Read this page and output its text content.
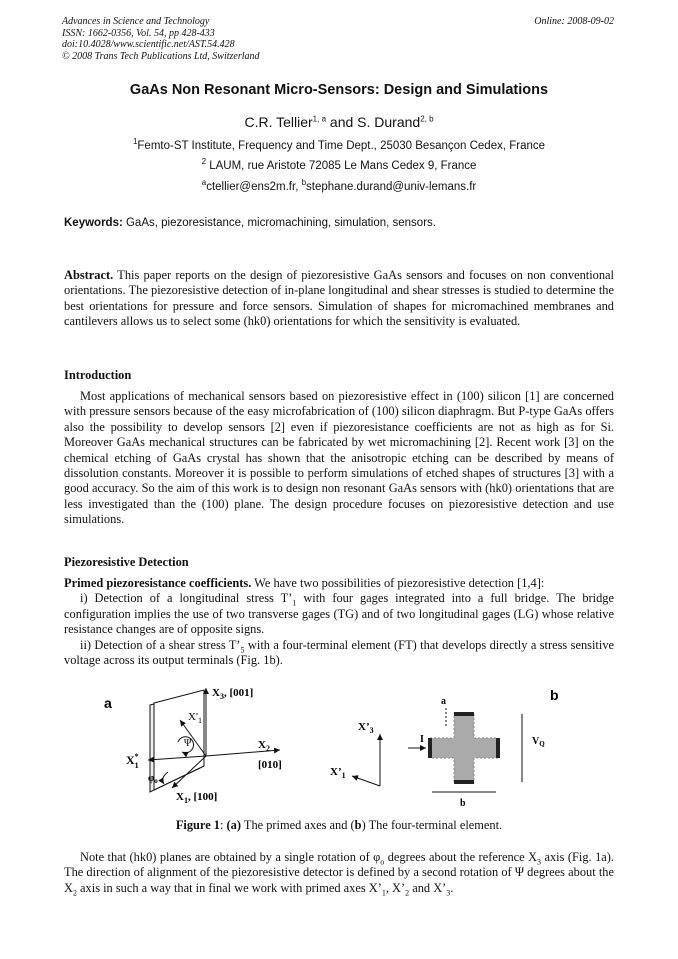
Advances in Science and Technology
ISSN: 1662-0356, Vol. 54, pp 428-433
doi:10.4028/www.scientific.net/AST.54.428
© 2008 Trans Tech Publications Ltd, Switzerland
Online: 2008-09-02
GaAs Non Resonant Micro-Sensors: Design and Simulations
C.R. Tellier$^{1, a}$ and S. Durand$^{2, b}$
$^1$Femto-ST Institute, Frequency and Time Dept., 25030 Besançon Cedex, France
$^2$ LAUM, rue Aristote 72085 Le Mans Cedex 9, France
$^a$ctellier@ens2m.fr, $^b$stephane.durand@univ-lemans.fr
Keywords: GaAs, piezoresistance, micromachining, simulation, sensors.
Abstract. This paper reports on the design of piezoresistive GaAs sensors and focuses on non conventional orientations. The piezoresistive detection of in-plane longitudinal and shear stresses is studied to determine the best orientations for pressure and force sensors. Simulation of shapes for micromachined membranes and cantilevers allows us to select some (hk0) orientations for which the sensitivity is evaluated.
Introduction
Most applications of mechanical sensors based on piezoresistive effect in (100) silicon [1] are concerned with pressure sensors because of the easy microfabrication of (100) silicon diaphragm. But P-type GaAs offers also the possibility to develop sensors [2] even if piezoresistance coefficients are not as high as for Si. Moreover GaAs mechanical structures can be fabricated by wet micromachining [2]. Recent work [3] on the chemical etching of GaAs crystal has shown that the anisotropic etching can be described by means of dissolution constants. Moreover it is possible to perform simulations of etched shapes of structures [3] with a good accuracy. So the aim of this work is to design non resonant GaAs sensors with (hk0) orientations that are less investigated than the (100) plane. The design procedure focuses on piezoresistive detection and use simulations.
Piezoresistive Detection
Primed piezoresistance coefficients. We have two possibilities of piezoresistive detection [1,4]:
i) Detection of a longitudinal stress $T’_1$ with four gages integrated into a full bridge. The bridge configuration implies the use of two transverse gages (TG) and of two longitudinal gages (LG) whose relative resistance changes are of opposite signs.
ii) Detection of a shear stress $T’_5$ with a four-terminal element (FT) that develops directly a stress sensitive voltage across its output terminals (Fig. 1b).
a
$X_3$, [001]
$X_2$
[010]
$X_1$, [100]
$X'_1$
$X_1*$
Ψ
$\varphi_o$
$X’_3$
$X’_1$
b
a
I	$V_Q$
b
Figure 1: (a) The primed axes and (b) The four-terminal element.
Note that (hk0) planes are obtained by a single rotation of $\varphi_o$ degrees about the reference $X_3$ axis (Fig. 1a). The direction of alignment of the piezoresistive detector is defined by a second rotation of Ψ degrees about the $X_2$ axis in such a way that in final we work with primed axes $X’_1$, $X’_2$ and $X’_3$.
